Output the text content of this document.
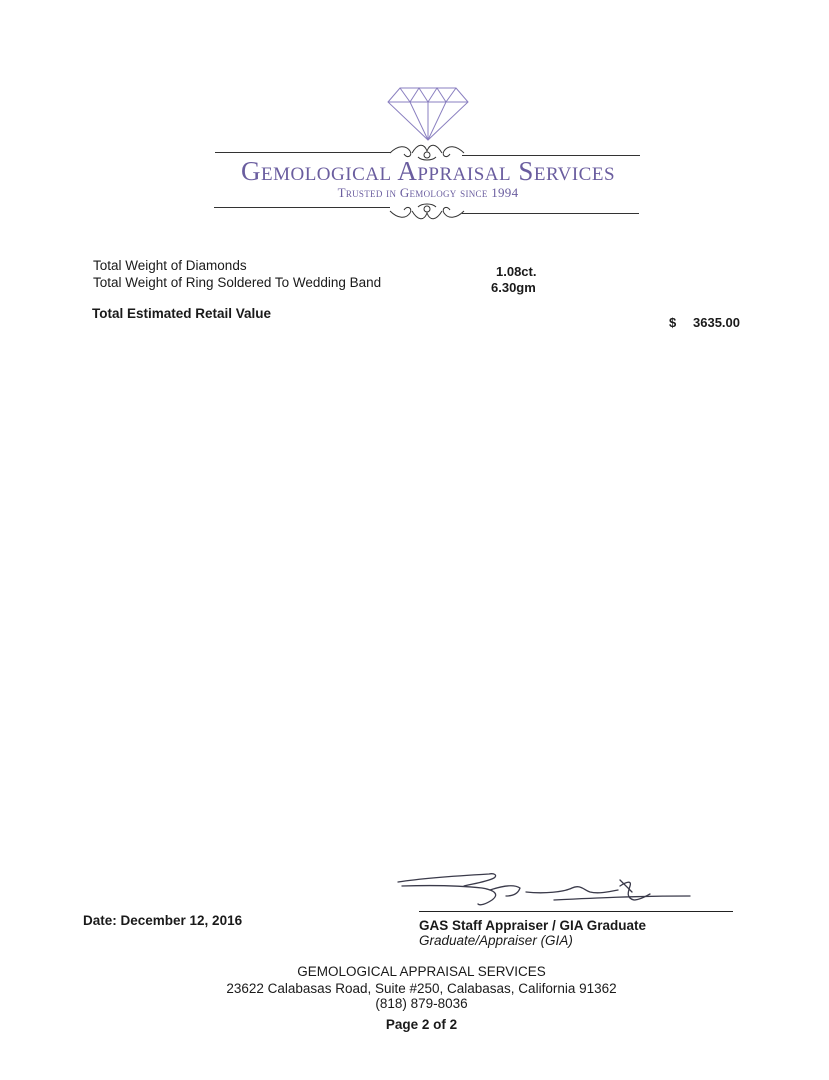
Gemological Appraisal Services
Trusted in Gemology since 1994
Total Weight of Diamonds	1.08ct.
Total Weight of Ring Soldered To Wedding Band	6.30gm
Total Estimated Retail Value
$ 3635.00
Date: December 12, 2016	GAS Staff Appraiser / GIA Graduate
Graduate/Appraiser (GIA)
GEMOLOGICAL APPRAISAL SERVICES
23622 Calabasas Road, Suite #250, Calabasas, California 91362
(818) 879-8036
Page 2 of 2
